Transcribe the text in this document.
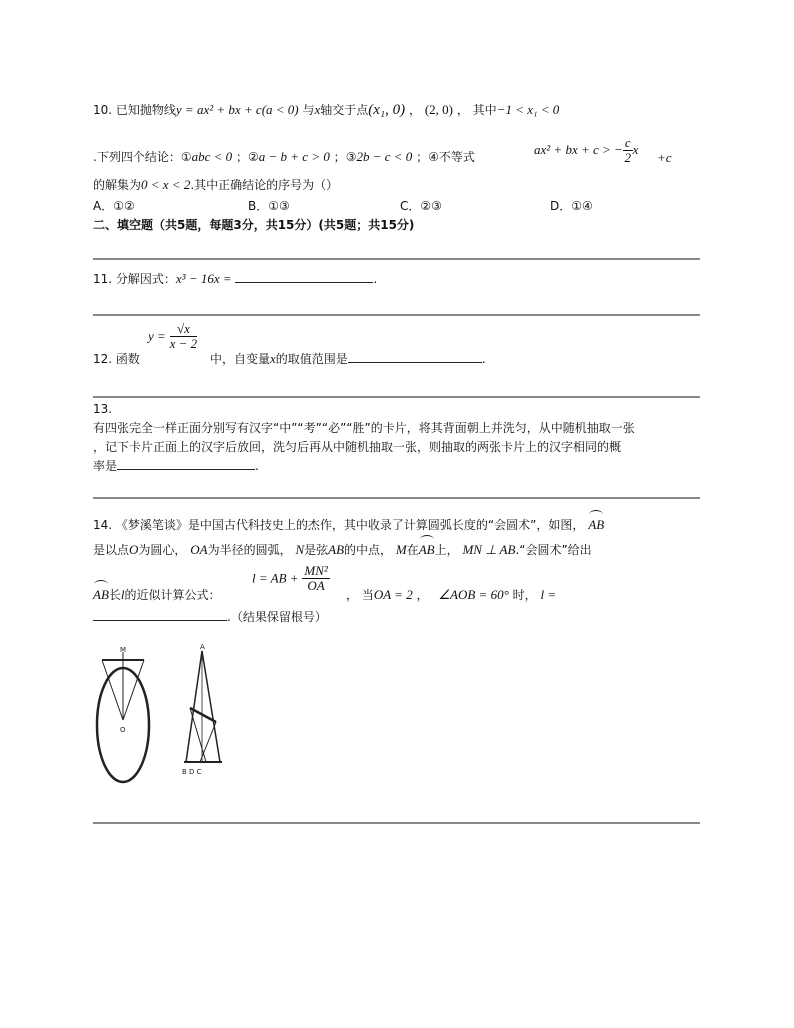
10. 已知抛物线y = ax² + bx + c(a < 0) 与x轴交于点(x₁, 0) ， (2, 0) ， 其中−1 < x₁ < 0
.下列四个结论：①abc < 0 ；②a − b + c > 0 ；③2b − c < 0 ；④不等式	ax² + bx + c > − $\frac{c}{2}$ x
+c
的解集为0 < x < 2.其中正确结论的序号为（）
A．①②	B．①③	C．②③	D．①④
二、填空题（共5题，每题3分，共15分）(共5题；共15分)
11. 分解因式：x³ − 16x =	.
$y = \frac{√x}{x - 2}$
12. 函数	中，自变量x的取值范围是	.
13.
有四张完全一样正面分别写有汉字“中”“考”“必”“胜”的卡片，将其背面朝上并洗匀，从中随机抽取一张
，记下卡片正面上的汉字后放回，洗匀后再从中随机抽取一张，则抽取的两张卡片上的汉字相同的概
率是	.
14. 《梦溪笔谈》是中国古代科技史上的杰作，其中收录了计算圆弧长度的“会圆术”，如图， AB
是以点O为圆心， OA为半径的圆弧， N是弦AB的中点， M在AB上， MN ⊥ AB.“会圆术”给出
AB长l的近似计算公式：
l = AB + $\frac{\text{MN²}}{OA}$
， 当OA = 2 ， ∠AOB = 60° 时， l =
.（结果保留根号）
M
O
A
B D C
